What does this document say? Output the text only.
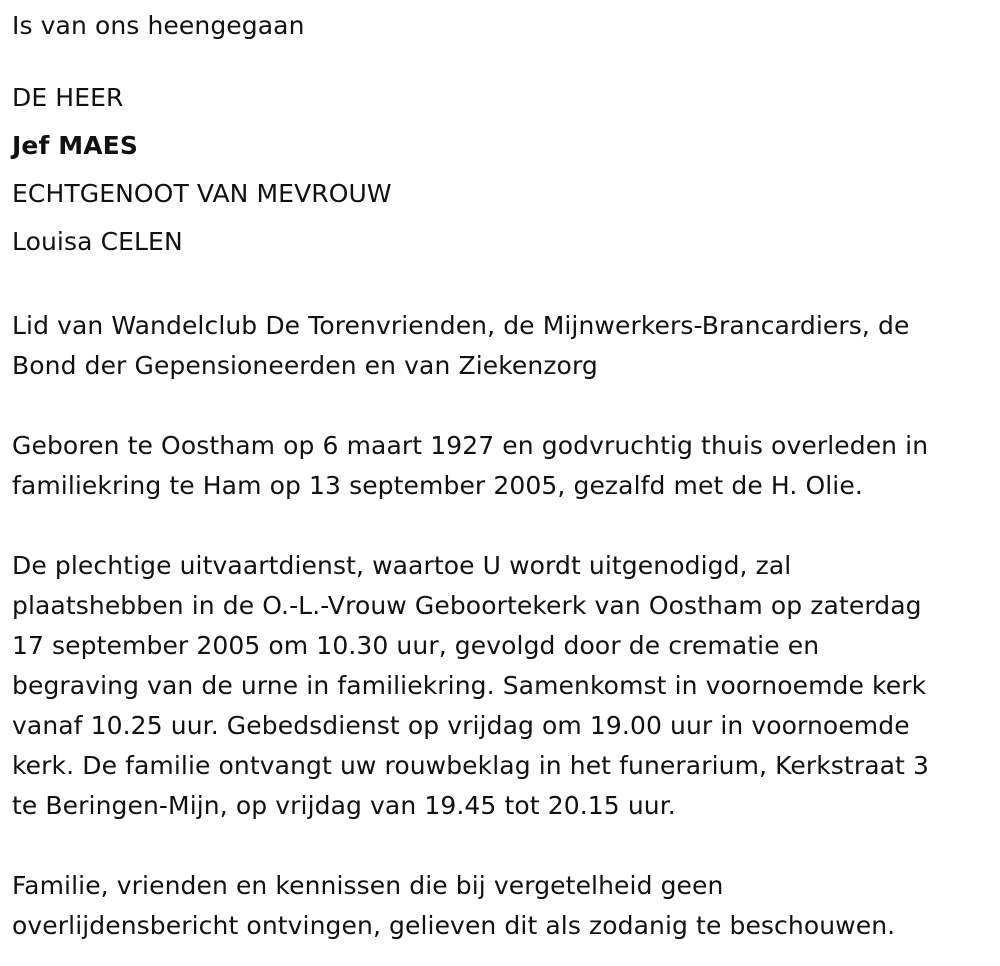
Is van ons heengegaan

DE HEER

Jef MAES

ECHTGENOOT VAN MEVROUW

Louisa CELEN

Lid van Wandelclub De Torenvrienden, de Mijnwerkers-Brancardiers, de

Bond der Gepensioneerden en van Ziekenzorg

Geboren te Oostham op 6 maart 1927 en godvruchtig thuis overleden in

familiekring te Ham op 13 september 2005, gezalfd met de H. Olie.

De plechtige uitvaartdienst, waartoe U wordt uitgenodigd, zal

plaatshebben in de O.-L.-Vrouw Geboortekerk van Oostham op zaterdag

17 september 2005 om 10.30 uur, gevolgd door de crematie en

begraving van de urne in familiekring. Samenkomst in voornoemde kerk

vanaf 10.25 uur. Gebedsdienst op vrijdag om 19.00 uur in voornoemde

kerk. De familie ontvangt uw rouwbeklag in het funerarium, Kerkstraat 3

te Beringen-Mijn, op vrijdag van 19.45 tot 20.15 uur.

Familie, vrienden en kennissen die bij vergetelheid geen

overlijdensbericht ontvingen, gelieven dit als zodanig te beschouwen.
